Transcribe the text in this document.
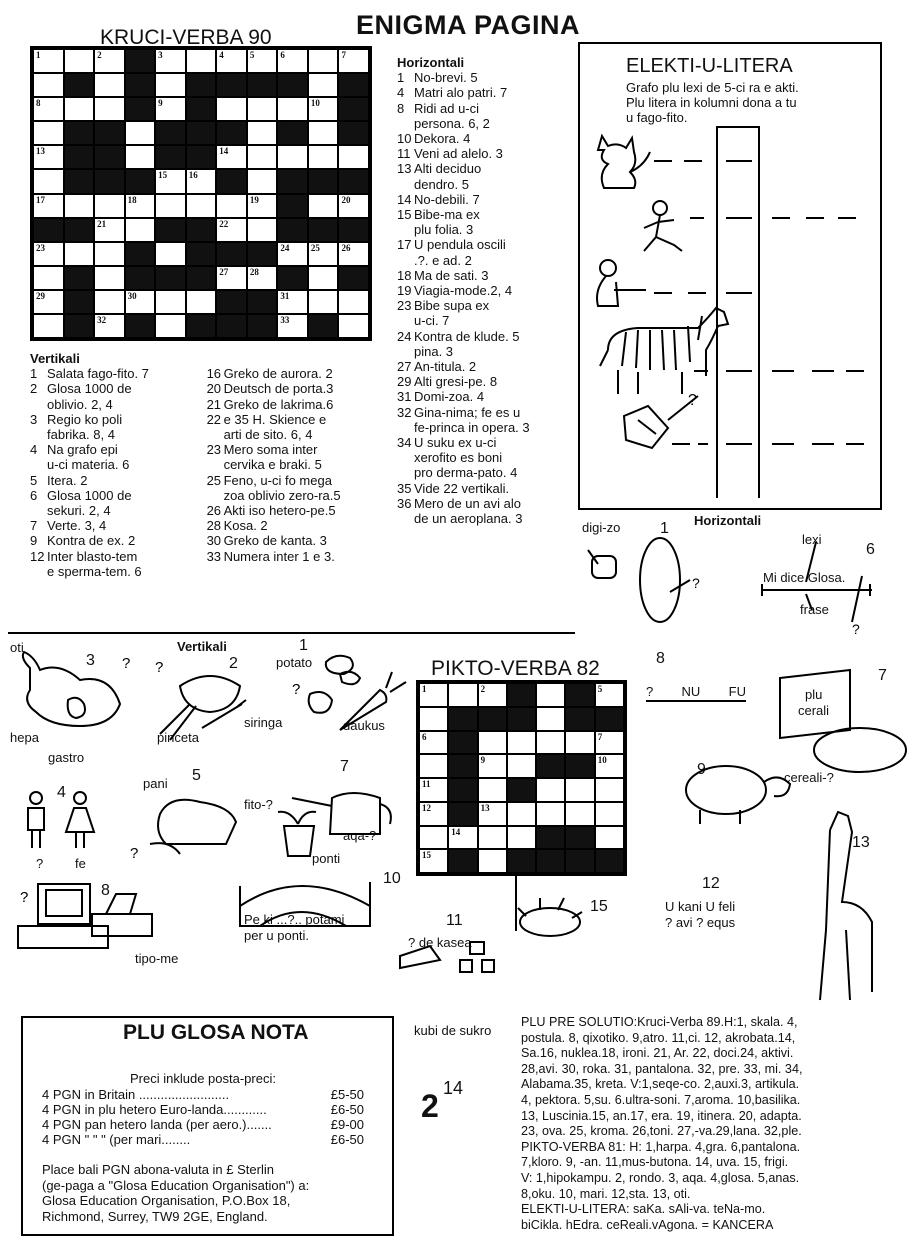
KRUCI-VERBA 90	ENIGMA PAGINA
1	2	3	4	5	6	7
8	9	10
11	12
13	14
15 16
17	18	19	20
21	22
23	24 25 26
27 28
29	30	31
32	33
Horizontali
1 No-brevi. 5
4 Matri alo patri. 7
8 Ridi ad u-ci
persona. 6, 2
10 Dekora. 4
11 Veni ad alelo. 3
13 Alti deciduo
dendro. 5
14 No-debili. 7
15 Bibe-ma ex
plu folia. 3
17 U pendula oscili
.?. e ad. 2
18 Ma de sati. 3
19 Viagia-mode.2, 4
23 Bibe supa ex
u-ci. 7
24 Kontra de klude. 5
pina. 3
27 An-titula. 2
29 Alti gresi-pe. 8
31 Domi-zoa. 4
32 Gina-nima; fe es u
fe-princa in opera. 3
34 U suku ex u-ci
xerofito es boni
pro derma-pato. 4
35 Vide 22 vertikali.
36 Mero de un avi alo
de un aeroplana. 3
Vertikali
1 Salata fago-fito. 7
2 Glosa 1000 de
oblivio. 2, 4
3 Regio ko poli
fabrika. 8, 4
4 Na grafo epi
u-ci materia. 6
5 Itera. 2
6 Glosa 1000 de
sekuri. 2, 4
7 Verte. 3, 4
9 Kontra de ex. 2
12 Inter blasto-tem
e sperma-tem. 6
16 Greko de aurora. 2
20 Deutsch de porta.3
21 Greko de lakrima.6
22 e 35 H. Skience e
arti de sito. 6, 4
23 Mero soma inter
cervika e braki. 5
25 Feno, u-ci fo mega
zoa oblivio zero-ra.5
26 Akti iso hetero-pe.5
28 Kosa. 2
30 Greko de kanta. 3
33 Numera inter 1 e 3.
ELEKTI-U-LITERA
Grafo plu lexi de 5-ci ra e akti.
Plu litera in kolumni dona a tu
u fago-fito.
?
digi-zo	Horizontali
1
lexi
6
Mi dice Glosa.
frase
?
?
Vertikali
oti
3
hepa
gastro
2
pinceta
siringa
1
potato
daukus
? ?
?
4
? fe
5
pani
7
fito-?
aqa-?
?	ponti
10
Pe ki ...?.. potami
per u ponti.
8
tipo-me
?
PIKTO-VERBA 82
1	2	3	4	5
6	7
9	8	10
11
12	13
14
15
8
? NU FU
7
plu
cerali
cereali-?
9
13
12
U kani U feli
? avi ? equs
15
11
? de kasea
kubi de sukro
PLU GLOSA NOTA
Preci inklude posta-preci:
4 PGN in Britain .........................	£5-50
4 PGN in plu hetero Euro-landa............	£6-50
4 PGN pan hetero landa (per aero.).......	£9-00
4 PGN " " " (per mari........	£6-50
Place bali PGN abona-valuta in £ Sterlin
(ge-paga a "Glosa Education Organisation") a:
Glosa Education Organisation, P.O.Box 18,
Richmond, Surrey, TW9 2GE, England.
2 14
PLU PRE SOLUTIO:Kruci-Verba 89.H:1, skala. 4,
postula. 8, qixotiko. 9,atro. 11,ci. 12, akrobata.14,
Sa.16, nuklea.18, ironi. 21, Ar. 22, doci.24, aktivi.
28,avi. 30, roka. 31, pantalona. 32, pre. 33, mi. 34,
Alabama.35, kreta. V:1,seqe-co. 2,auxi.3, artikula.
4, pektora. 5,su. 6.ultra-soni. 7,aroma. 10,basilika.
13, Luscinia.15, an.17, era. 19, itinera. 20, adapta.
23, ova. 25, kroma. 26,toni. 27,-va.29,lana. 32,ple.
PIKTO-VERBA 81: H: 1,harpa. 4,gra. 6,pantalona.
7,kloro. 9, -an. 11,mus-butona. 14, uva. 15, frigi.
V: 1,hipokampu. 2, rondo. 3, aqa. 4,glosa. 5,anas.
8,oku. 10, mari. 12,sta. 13, oti.
ELEKTI-U-LITERA: saKa. sAli-va. teNa-mo.
biCikla. hEdra. ceReali.vAgona. = KANCERA
